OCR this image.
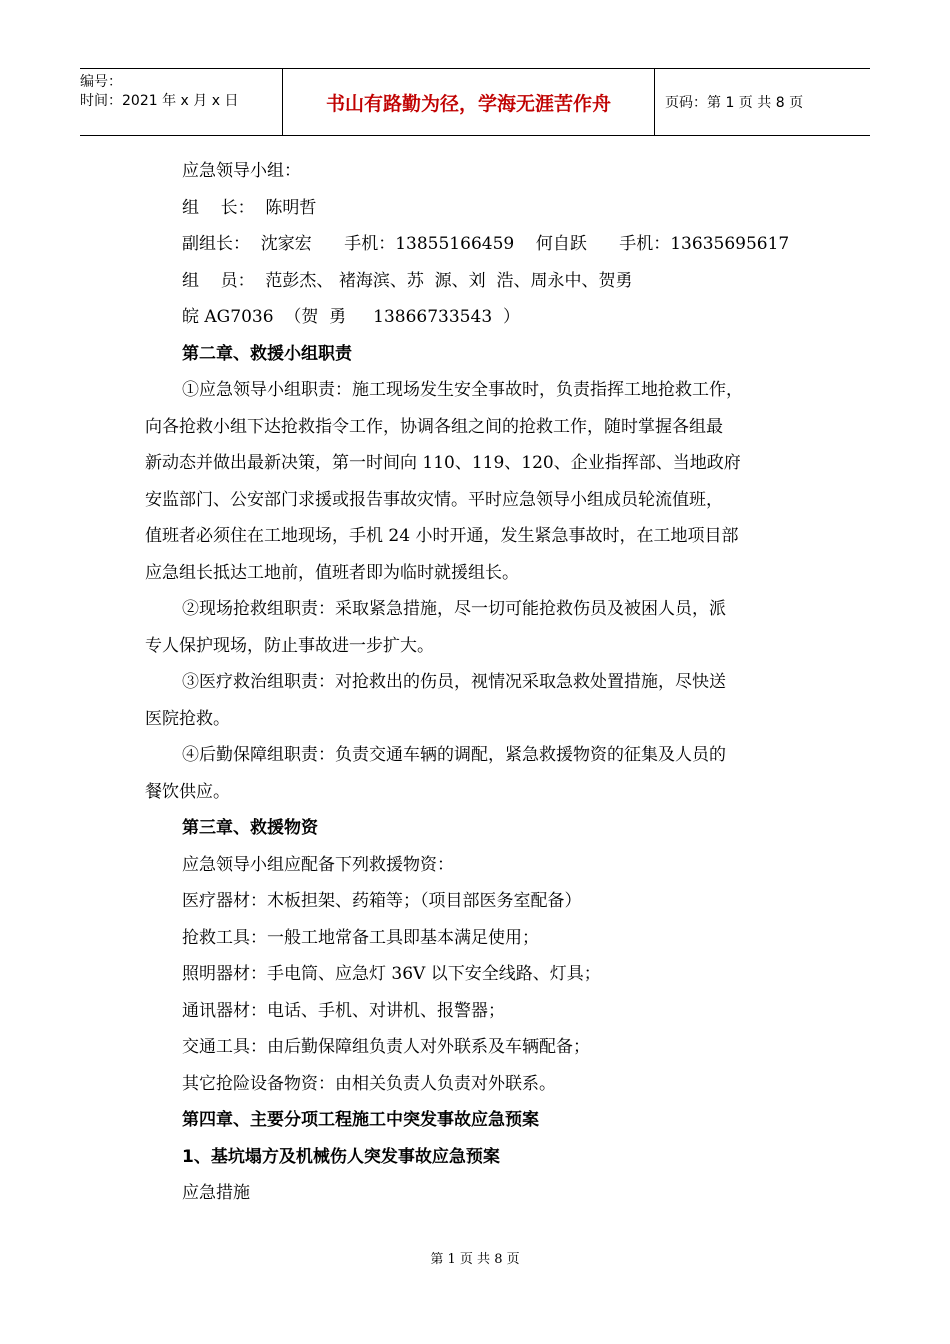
编号：
时间：2021 年 x 月 x 日	书山有路勤为径，学海无涯苦作舟	页码：第 1 页 共 8 页
应急领导小组：
组    长：  陈明哲
副组长：  沈家宏      手机：13855166459    何自跃      手机：13635695617
组    员：  范彭杰、 褚海滨、苏  源、刘  浩、周永中、贺勇
皖 AG7036  （贺  勇     13866733543  ）
第二章、救援小组职责
①应急领导小组职责：施工现场发生安全事故时，负责指挥工地抢救工作，
向各抢救小组下达抢救指令工作，协调各组之间的抢救工作，随时掌握各组最
新动态并做出最新决策，第一时间向 110、119、120、企业指挥部、当地政府
安监部门、公安部门求援或报告事故灾情。平时应急领导小组成员轮流值班，
值班者必须住在工地现场，手机 24 小时开通，发生紧急事故时，在工地项目部
应急组长抵达工地前，值班者即为临时就援组长。
②现场抢救组职责：采取紧急措施，尽一切可能抢救伤员及被困人员，派
专人保护现场，防止事故进一步扩大。
③医疗救治组职责：对抢救出的伤员，视情况采取急救处置措施，尽快送
医院抢救。
④后勤保障组职责：负责交通车辆的调配，紧急救援物资的征集及人员的
餐饮供应。
第三章、救援物资
应急领导小组应配备下列救援物资：
医疗器材：木板担架、药箱等；（项目部医务室配备）
抢救工具：一般工地常备工具即基本满足使用；
照明器材：手电筒、应急灯 36V 以下安全线路、灯具；
通讯器材：电话、手机、对讲机、报警器；
交通工具：由后勤保障组负责人对外联系及车辆配备；
其它抢险设备物资：由相关负责人负责对外联系。
第四章、主要分项工程施工中突发事故应急预案
1、基坑塌方及机械伤人突发事故应急预案
应急措施
第 1 页 共 8 页
